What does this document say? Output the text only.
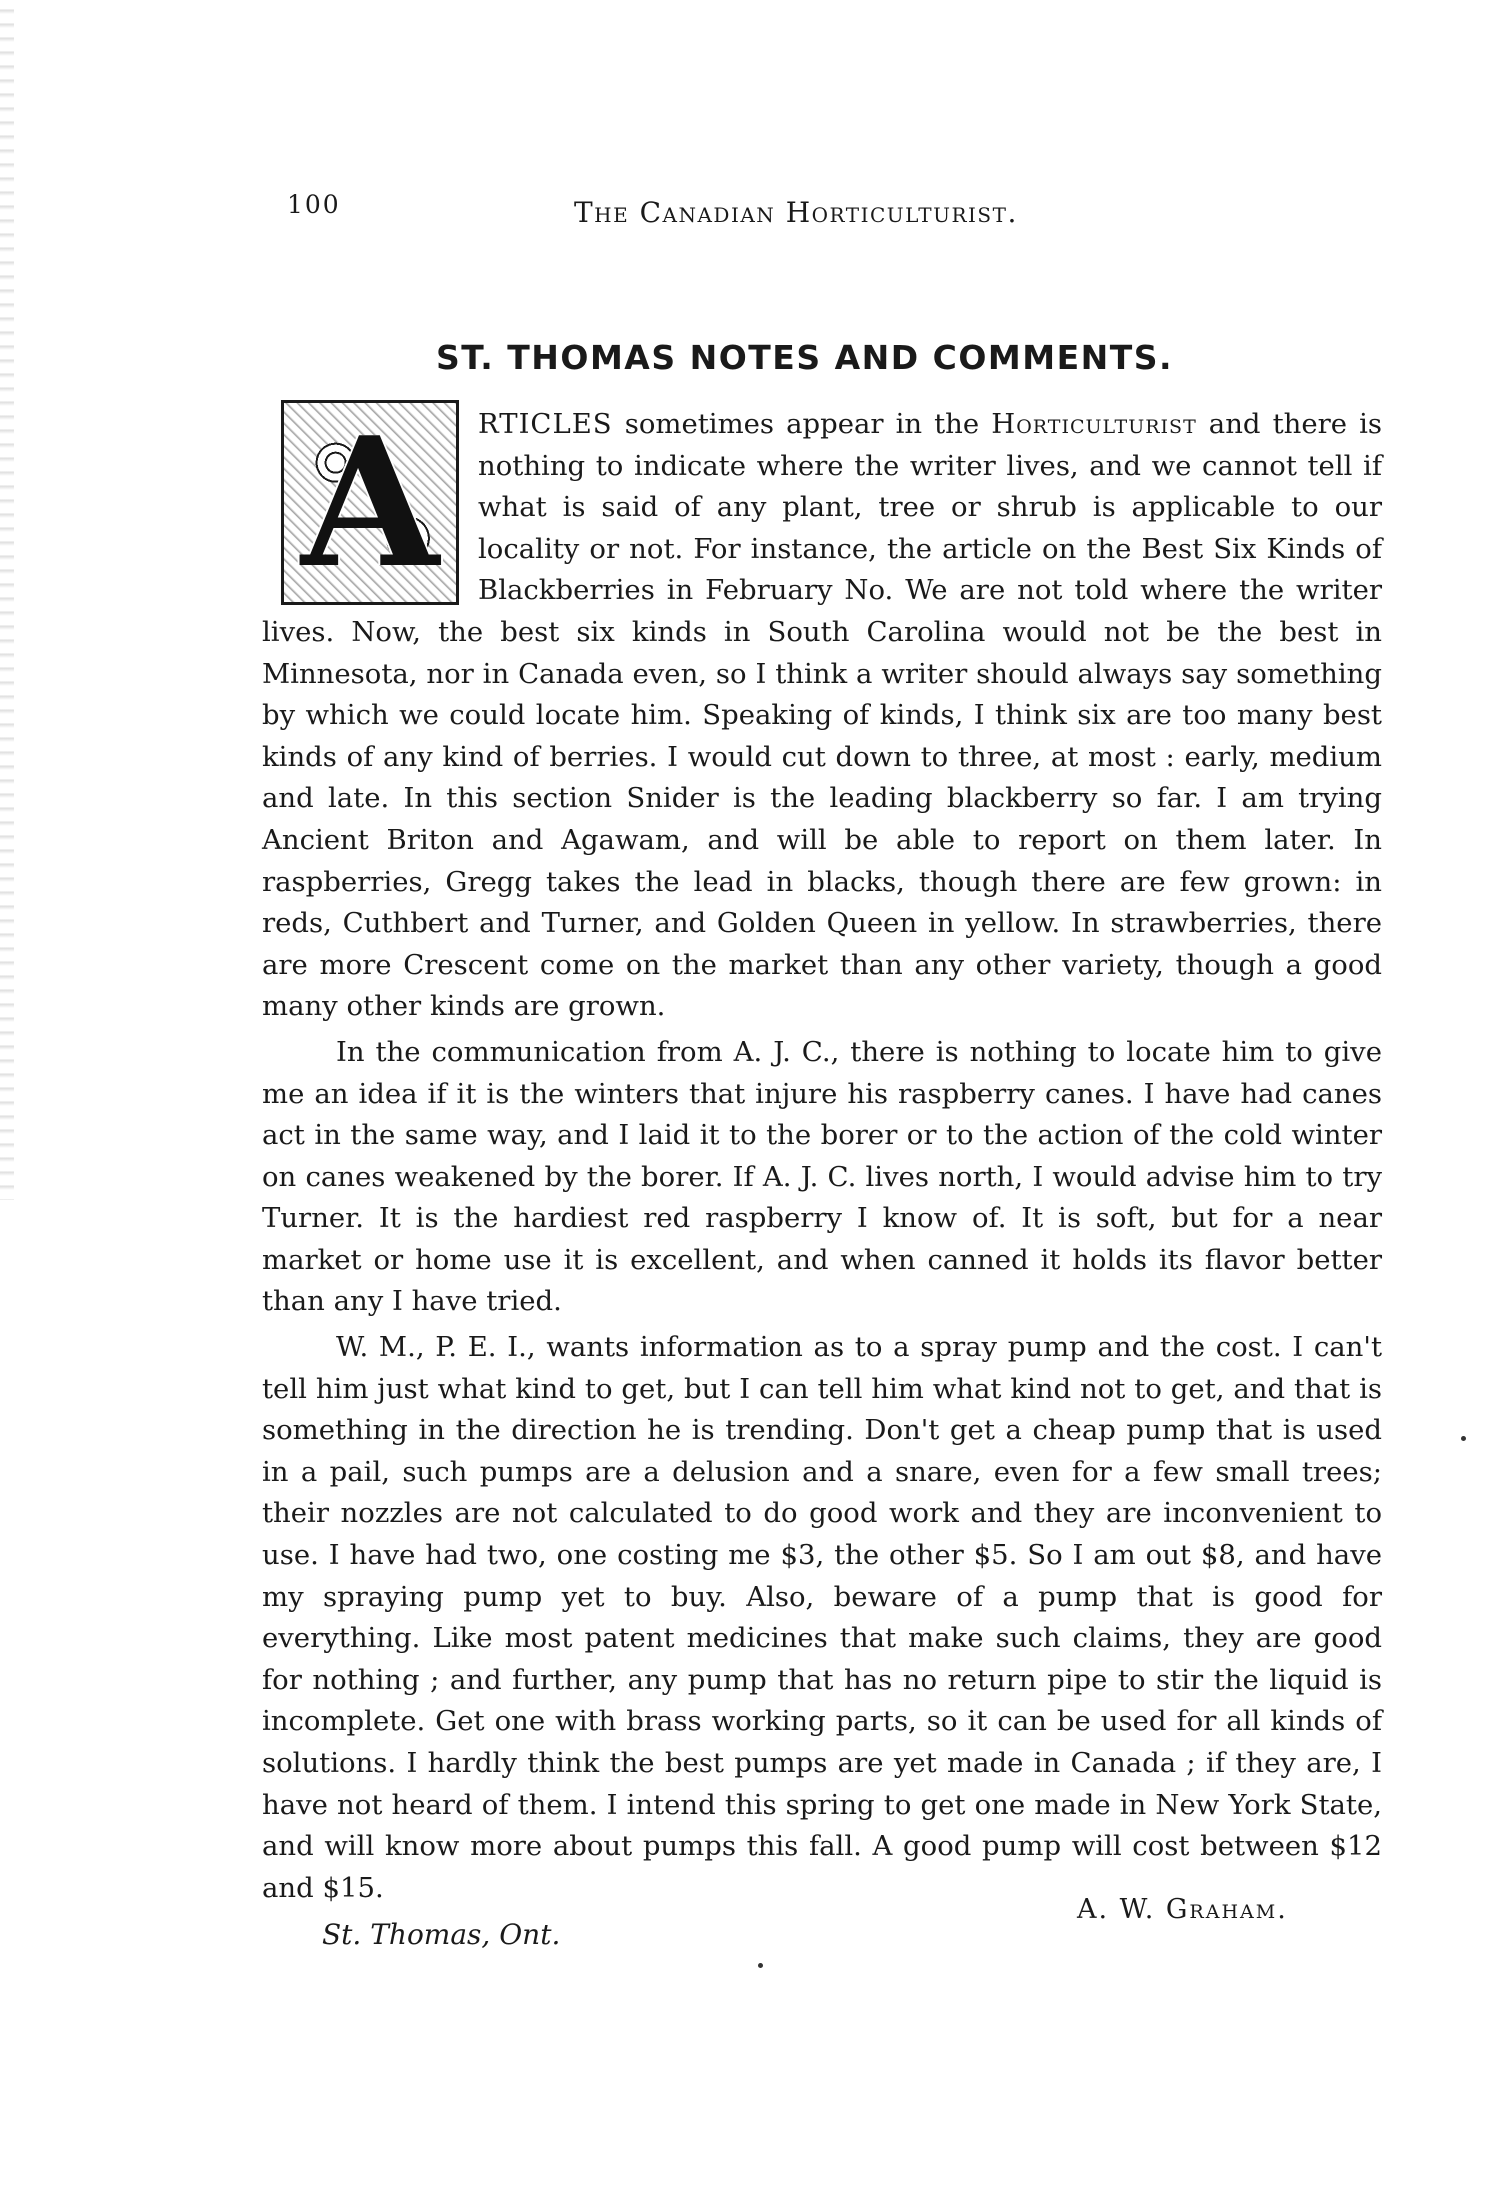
100	The Canadian Horticulturist.
ST. THOMAS NOTES AND COMMENTS.
A	RTICLES sometimes appear in the Horticulturist and there is nothing to indicate where the writer lives, and we cannot tell if what is said of any plant, tree or shrub is applicable to our locality or not. For instance, the article on the Best Six Kinds of Blackberries in February No. We are not told where the writer lives. Now, the best six kinds in South Carolina would not be the best in Minnesota, nor in Canada even, so I think a writer should always say something by which we could locate him. Speaking of kinds, I think six are too many best kinds of any kind of berries. I would cut down to three, at most : early, medium and late. In this section Snider is the leading blackberry so far. I am trying Ancient Briton and Agawam, and will be able to report on them later. In raspberries, Gregg takes the lead in blacks, though there are few grown: in reds, Cuthbert and Turner, and Golden Queen in yellow. In strawberries, there are more Crescent come on the market than any other variety, though a good many other kinds are grown.

In the communication from A. J. C., there is nothing to locate him to give me an idea if it is the winters that injure his raspberry canes. I have had canes act in the same way, and I laid it to the borer or to the action of the cold winter on canes weakened by the borer. If A. J. C. lives north, I would advise him to try Turner. It is the hardiest red raspberry I know of. It is soft, but for a near market or home use it is excellent, and when canned it holds its flavor better than any I have tried.

W. M., P. E. I., wants information as to a spray pump and the cost. I can't tell him just what kind to get, but I can tell him what kind not to get, and that is something in the direction he is trending. Don't get a cheap pump that is used in a pail, such pumps are a delusion and a snare, even for a few small trees; their nozzles are not calculated to do good work and they are inconvenient to use. I have had two, one costing me $3, the other $5. So I am out $8, and have my spraying pump yet to buy. Also, beware of a pump that is good for everything. Like most patent medicines that make such claims, they are good for nothing ; and further, any pump that has no return pipe to stir the liquid is incomplete. Get one with brass working parts, so it can be used for all kinds of solutions. I hardly think the best pumps are yet made in Canada ; if they are, I have not heard of them. I intend this spring to get one made in New York State, and will know more about pumps this fall. A good pump will cost between $12 and $15.

St. Thomas, Ont.
A. W. Graham.
